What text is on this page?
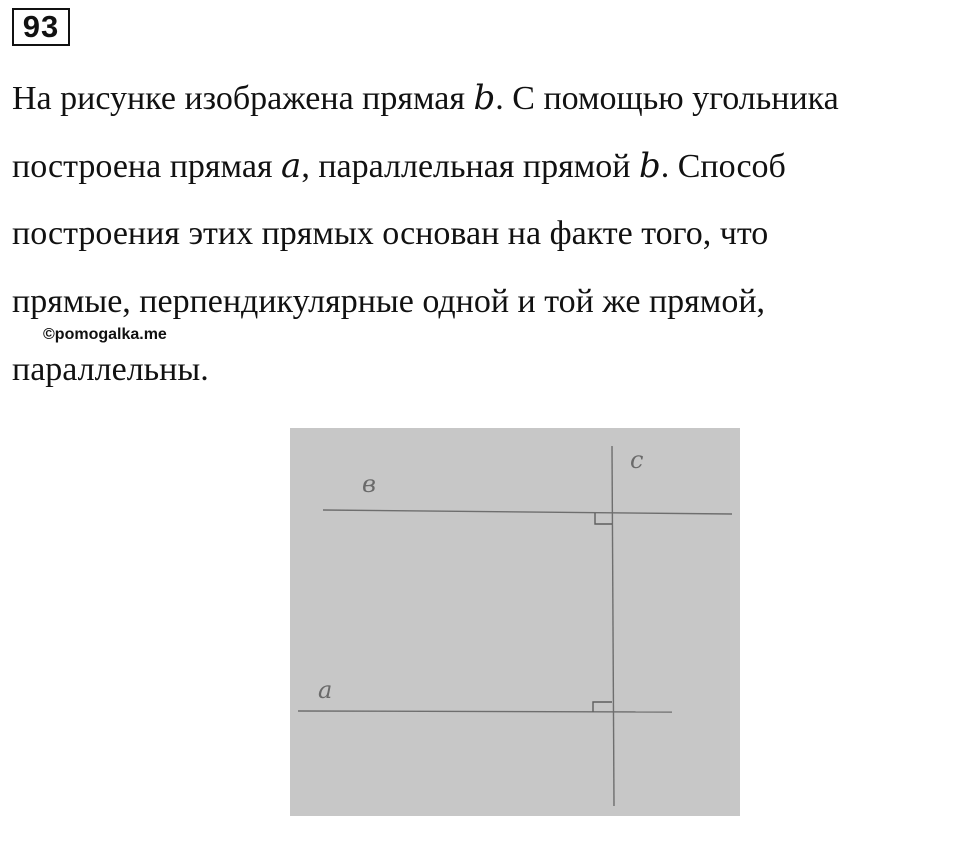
93
На рисунке изображена прямая b. С помощью угольника
построена прямая a, параллельная прямой b. Способ
построения этих прямых основан на факте того, что
прямые, перпендикулярные одной и той же прямой,
©pomogalka.me
параллельны.
в
с
а
